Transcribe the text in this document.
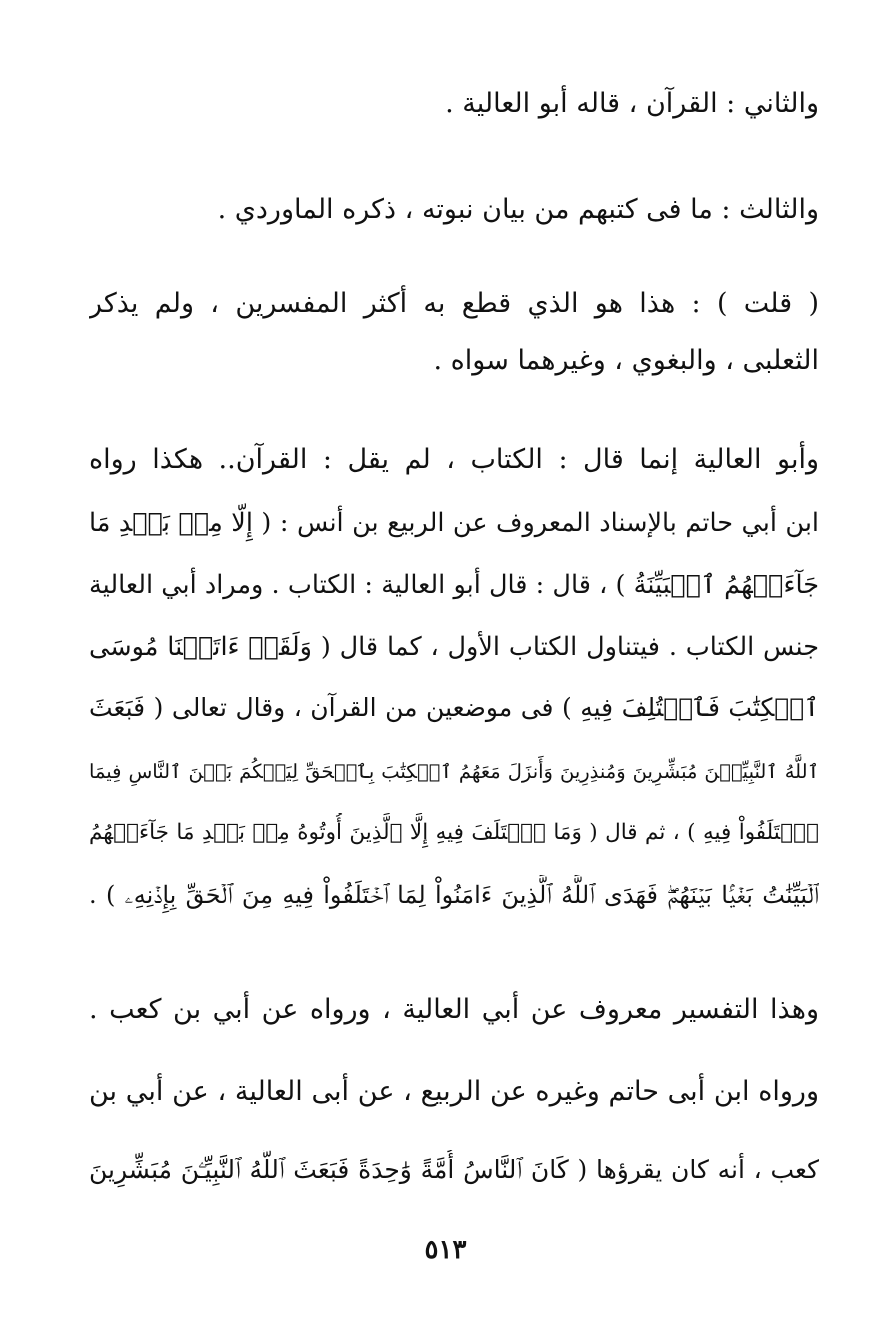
والثاني : القرآن ، قاله أبو العالية .
والثالث : ما فى كتبهم من بيان نبوته ، ذكره الماوردي .
( قلت ) : هذا هو الذي قطع به أكثر المفسرين ، ولم يذكر
الثعلبى ، والبغوي ، وغيرهما سواه .
وأبو العالية إنما قال : الكتاب ، لم يقل : القرآن.. هكذا رواه
ابن أبي حاتم بالإسناد المعروف عن الربيع بن أنس : ( إِلَّا مِنۢ بَعۡدِ مَا
جَآءَتۡهُمُ ٱلۡبَيِّنَةُ ) ، قال : قال أبو العالية : الكتاب . ومراد أبي العالية
جنس الكتاب . فيتناول الكتاب الأول ، كما قال ( وَلَقَدۡ ءَاتَيۡنَا مُوسَى
ٱلۡكِتَٰبَ فَٱخۡتُلِفَ فِيهِ ) فى موضعين من القرآن ، وقال تعالى ( فَبَعَثَ
ٱللَّهُ ٱلنَّبِيِّـۧنَ مُبَشِّرِينَ وَمُنذِرِينَ وَأَنزَلَ مَعَهُمُ ٱلۡكِتَٰبَ بِٱلۡحَقِّ لِيَحۡكُمَ بَيۡنَ ٱلنَّاسِ فِيمَا
ٱخۡتَلَفُواْ فِيهِ ) ، ثم قال ( وَمَا ٱخۡتَلَفَ فِيهِ إِلَّا ٱلَّذِينَ أُوتُوهُ مِنۢ بَعۡدِ مَا جَآءَتۡهُمُ
ٱلۡبَيِّنَٰتُ بَغۡيَۢا بَيۡنَهُمۡۖ فَهَدَى ٱللَّهُ ٱلَّذِينَ ءَامَنُواْ لِمَا ٱخۡتَلَفُواْ فِيهِ مِنَ ٱلۡحَقِّ بِإِذۡنِهِۦ ) .
وهذا التفسير معروف عن أبي العالية ، ورواه عن أبي بن كعب .
ورواه ابن أبى حاتم وغيره عن الربيع ، عن أبى العالية ، عن أبي بن
كعب ، أنه كان يقرؤها ( كَانَ ٱلنَّاسُ أُمَّةً وَٰحِدَةً فَبَعَثَ ٱللَّهُ ٱلنَّبِيِّـۧنَ مُبَشِّرِينَ
٥١٣
